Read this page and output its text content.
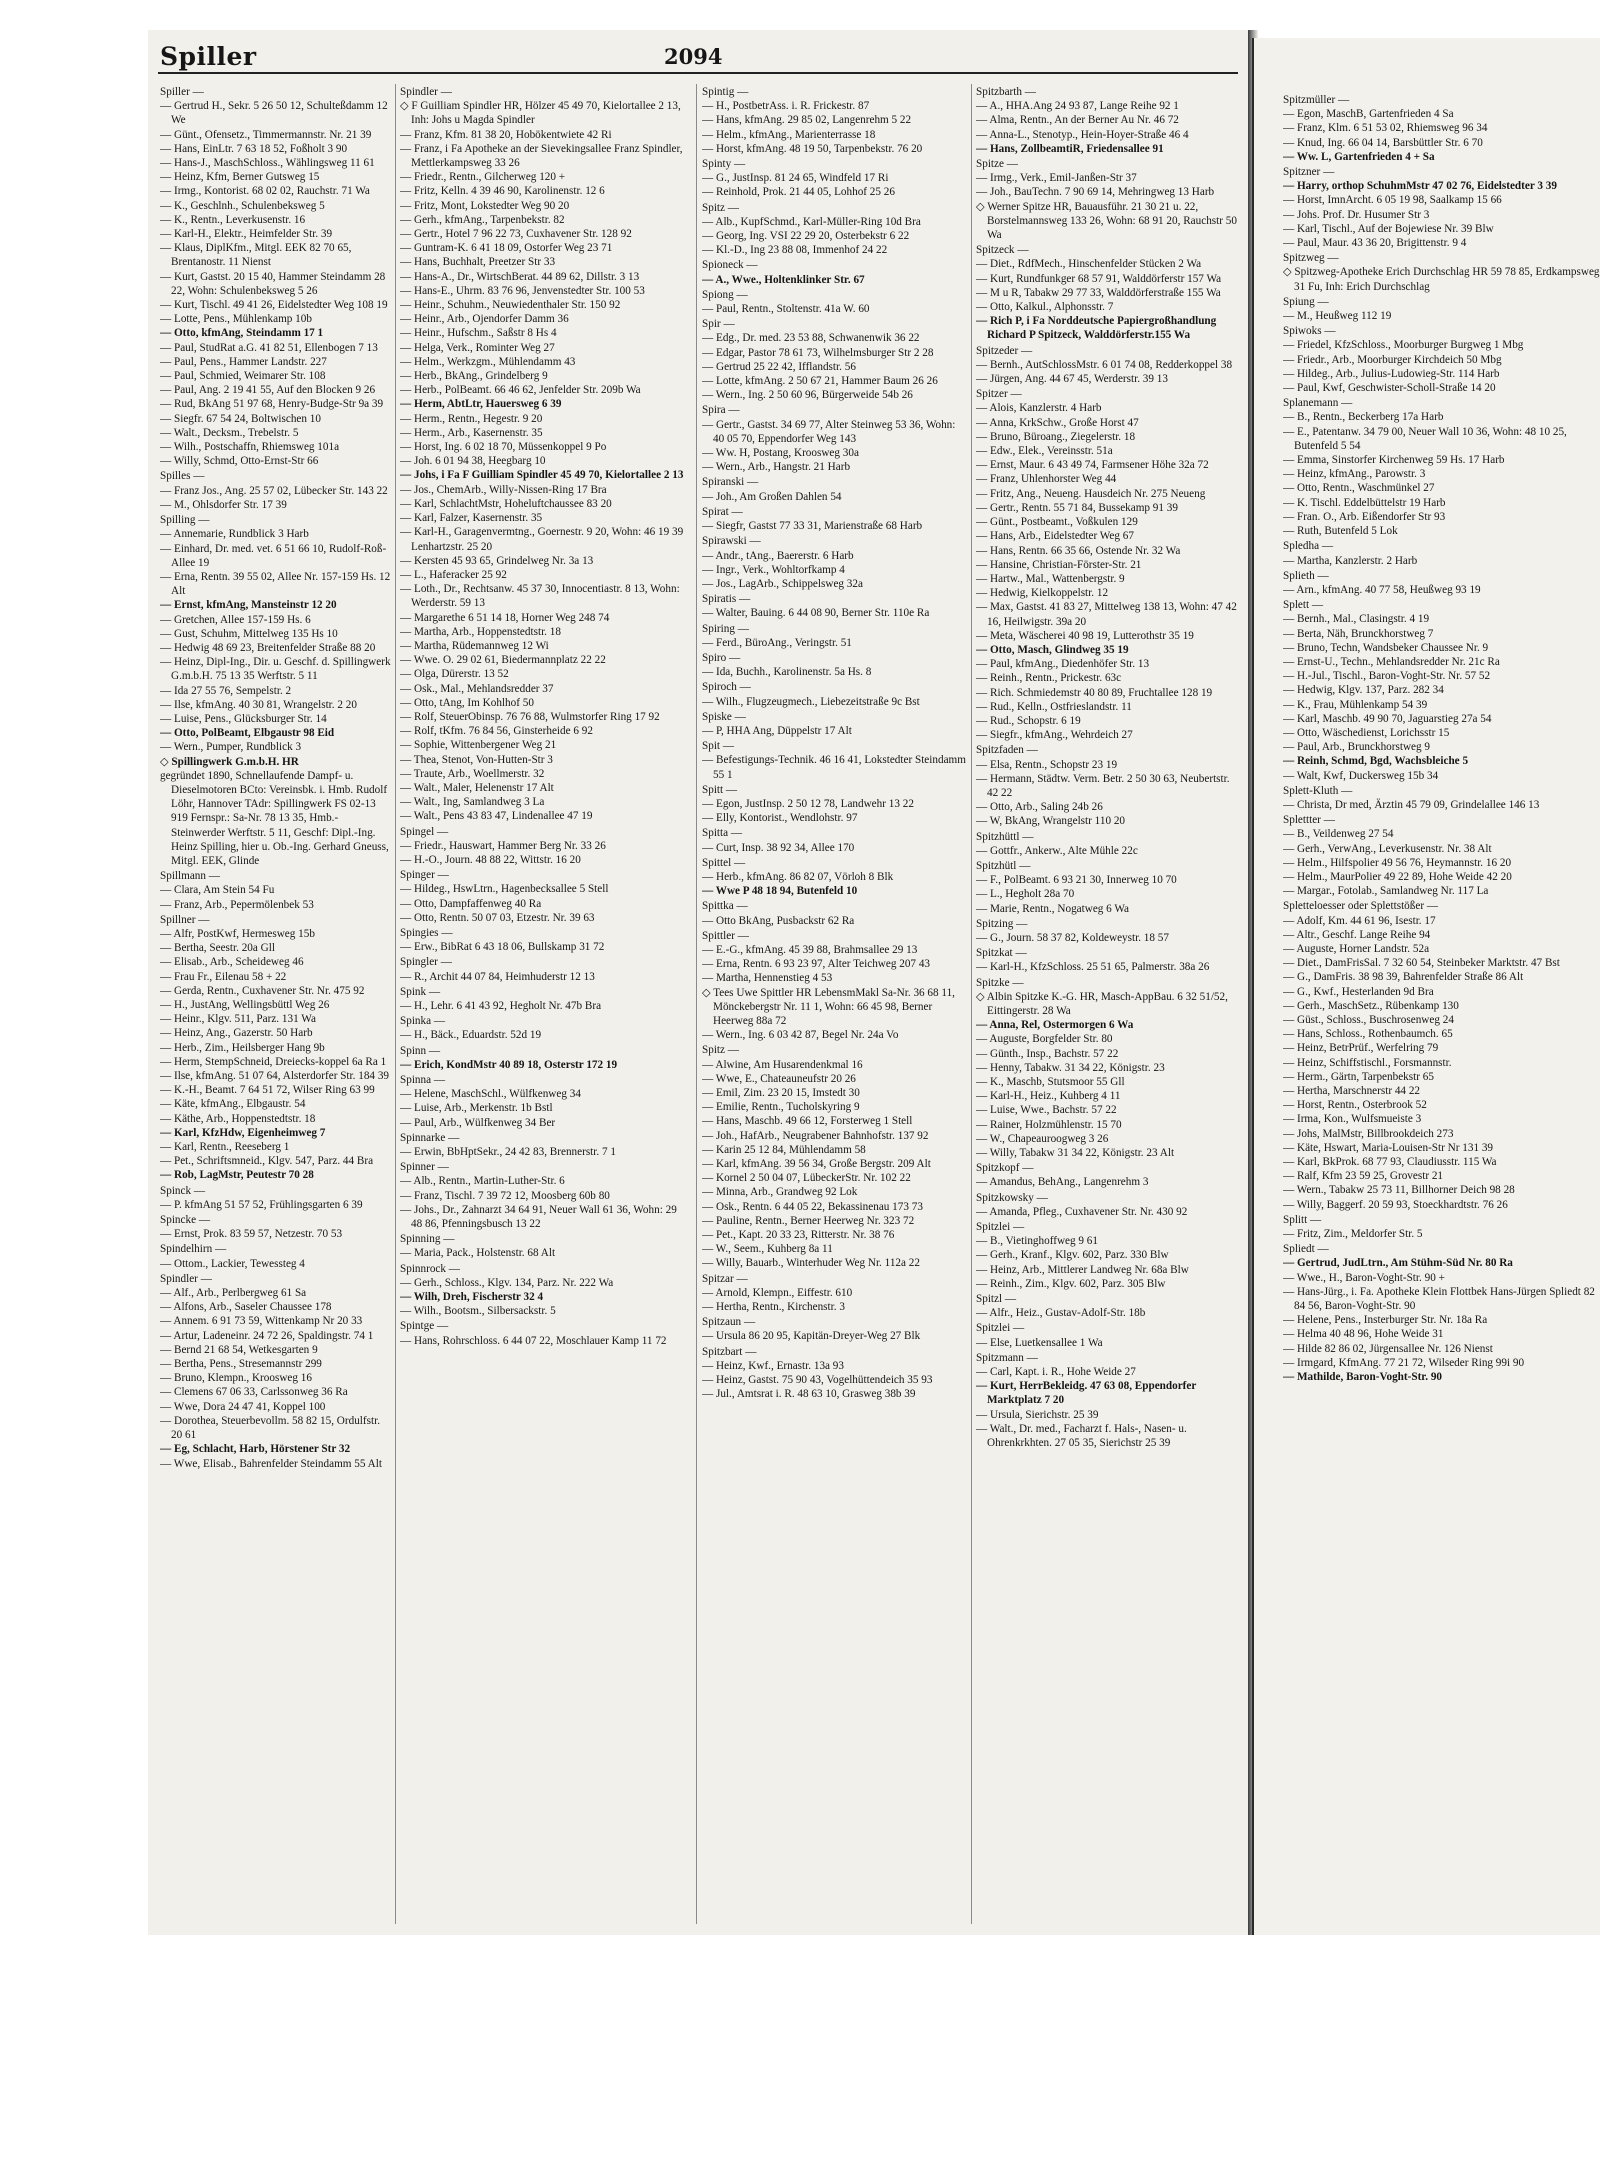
Spiller	2094

Spiller —

— Gertrud H., Sekr. 5 26 50 12, Schulteßdamm 12 We

— Günt., Ofensetz., Timmermannstr. Nr. 21 39

— Hans, EinLtr. 7 63 18 52, Foßholt 3 90

— Hans-J., MaschSchloss., Wählingsweg 11 61

— Heinz, Kfm, Berner Gutsweg 15

— Irmg., Kontorist. 68 02 02, Rauchstr. 71 Wa

— K., Geschlnh., Schulenbeksweg 5

— K., Rentn., Leverkusenstr. 16

— Karl-H., Elektr., Heimfelder Str. 39

— Klaus, DiplKfm., Mitgl. EEK 82 70 65, Brentanostr. 11 Nienst

— Kurt, Gastst. 20 15 40, Hammer Steindamm 28 22, Wohn: Schulenbeksweg 5 26

— Kurt, Tischl. 49 41 26, Eidelstedter Weg 108 19

— Lotte, Pens., Mühlenkamp 10b

— Otto, kfmAng, Steindamm 17 1

— Paul, StudRat a.G. 41 82 51, Ellenbogen 7 13

— Paul, Pens., Hammer Landstr. 227

— Paul, Schmied, Weimarer Str. 108

— Paul, Ang. 2 19 41 55, Auf den Blocken 9 26

— Rud, BkAng 51 97 68, Henry-Budge-Str 9a 39

— Siegfr. 67 54 24, Boltwischen 10

— Walt., Decksm., Trebelstr. 5

— Wilh., Postschaffn, Rhiemsweg 101a

— Willy, Schmd, Otto-Ernst-Str 66

Spilles —

— Franz Jos., Ang. 25 57 02, Lübecker Str. 143 22

— M., Ohlsdorfer Str. 17 39

Spilling —

— Annemarie, Rundblick 3 Harb

— Einhard, Dr. med. vet. 6 51 66 10, Rudolf-Roß-Allee 19

— Erna, Rentn. 39 55 02, Allee Nr. 157-159 Hs. 12 Alt

— Ernst, kfmAng, Mansteinstr 12 20

— Gretchen, Allee 157-159 Hs. 6

— Gust, Schuhm, Mittelweg 135 Hs 10

— Hedwig 48 69 23, Breitenfelder Straße 88 20

— Heinz, Dipl-Ing., Dir. u. Geschf. d. Spillingwerk G.m.b.H. 75 13 35 Werftstr. 5 11

— Ida 27 55 76, Sempelstr. 2

— Ilse, kfmAng. 40 30 81, Wrangelstr. 2 20

— Luise, Pens., Glücksburger Str. 14

— Otto, PolBeamt, Elbgaustr 98 Eid

— Wern., Pumper, Rundblick 3

◇ Spillingwerk G.m.b.H. HR

gegründet 1890, Schnellaufende Dampf- u. Dieselmotoren BCto: Vereinsbk. i. Hmb. Rudolf Löhr, Hannover TAdr: Spillingwerk FS 02-13 919 Fernspr.: Sa-Nr. 78 13 35, Hmb.-Steinwerder Werftstr. 5 11, Geschf: Dipl.-Ing. Heinz Spilling, hier u. Ob.-Ing. Gerhard Gneuss, Mitgl. EEK, Glinde

Spillmann —

— Clara, Am Stein 54 Fu

— Franz, Arb., Pepermölenbek 53

Spillner —

— Alfr, PostKwf, Hermesweg 15b

— Bertha, Seestr. 20a Gll

— Elisab., Arb., Scheideweg 46

— Frau Fr., Eilenau 58 + 22

— Gerda, Rentn., Cuxhavener Str. Nr. 475 92

— H., JustAng, Wellingsbüttl Weg 26

— Heinr., Klgv. 511, Parz. 131 Wa

— Heinz, Ang., Gazerstr. 50 Harb

— Herb., Zim., Heilsberger Hang 9b

— Herm, StempSchneid, Dreiecks-koppel 6a Ra 1

— Ilse, kfmAng. 51 07 64, Alsterdorfer Str. 184 39

— K.-H., Beamt. 7 64 51 72, Wilser Ring 63 99

— Käte, kfmAng., Elbgaustr. 54

— Käthe, Arb., Hoppenstedtstr. 18

— Karl, KfzHdw, Eigenheimweg 7

— Karl, Rentn., Reeseberg 1

— Pet., Schriftsmneid., Klgv. 547, Parz. 44 Bra

— Rob, LagMstr, Peutestr 70 28

Spinck —

— P. kfmAng 51 57 52, Frühlingsgarten 6 39

Spincke —

— Ernst, Prok. 83 59 57, Netzestr. 70 53

Spindelhirn —

— Ottom., Lackier, Tewessteg 4

Spindler —

— Alf., Arb., Perlbergweg 61 Sa

— Alfons, Arb., Saseler Chaussee 178

— Annem. 6 91 73 59, Wittenkamp Nr 20 33

— Artur, Ladeneinr. 24 72 26, Spaldingstr. 74 1

— Bernd 21 68 54, Wetkesgarten 9

— Bertha, Pens., Stresemannstr 299

— Bruno, Klempn., Kroosweg 16

— Clemens 67 06 33, Carlssonweg 36 Ra

— Wwe, Dora 24 47 41, Koppel 100

— Dorothea, Steuerbevollm. 58 82 15, Ordulfstr. 20 61

— Eg, Schlacht, Harb, Hörstener Str 32

— Wwe, Elisab., Bahrenfelder Steindamm 55 Alt

Spindler —

◇ F Guilliam Spindler HR, Hölzer 45 49 70, Kielortallee 2 13, Inh: Johs u Magda Spindler

— Franz, Kfm. 81 38 20, Hobökentwiete 42 Ri

— Franz, i Fa Apotheke an der Sievekingsallee Franz Spindler, Mettlerkampsweg 33 26

— Friedr., Rentn., Gilcherweg 120 +

— Fritz, Kelln. 4 39 46 90, Karolinenstr. 12 6

— Fritz, Mont, Lokstedter Weg 90 20

— Gerh., kfmAng., Tarpenbekstr. 82

— Gertr., Hotel 7 96 22 73, Cuxhavener Str. 128 92

— Guntram-K. 6 41 18 09, Ostorfer Weg 23 71

— Hans, Buchhalt, Preetzer Str 33

— Hans-A., Dr., WirtschBerat. 44 89 62, Dillstr. 3 13

— Hans-E., Uhrm. 83 76 96, Jenvenstedter Str. 100 53

— Heinr., Schuhm., Neuwiedenthaler Str. 150 92

— Heinr., Arb., Ojendorfer Damm 36

— Heinr., Hufschm., Saßstr 8 Hs 4

— Helga, Verk., Rominter Weg 27

— Helm., Werkzgm., Mühlendamm 43

— Herb., BkAng., Grindelberg 9

— Herb., PolBeamt. 66 46 62, Jenfelder Str. 209b Wa

— Herm, AbtLtr, Hauersweg 6 39

— Herm., Rentn., Hegestr. 9 20

— Herm., Arb., Kasernenstr. 35

— Horst, Ing. 6 02 18 70, Müssenkoppel 9 Po

— Joh. 6 01 94 38, Heegbarg 10

— Johs, i Fa F Guilliam Spindler 45 49 70, Kielortallee 2 13

— Jos., ChemArb., Willy-Nissen-Ring 17 Bra

— Karl, SchlachtMstr, Hoheluftchaussee 83 20

— Karl, Falzer, Kasernenstr. 35

— Karl-H., Garagenvermtng., Goernestr. 9 20, Wohn: 46 19 39 Lenhartzstr. 25 20

— Kersten 45 93 65, Grindelweg Nr. 3a 13

— L., Haferacker 25 92

— Loth., Dr., Rechtsanw. 45 37 30, Innocentiastr. 8 13, Wohn: Werderstr. 59 13

— Margarethe 6 51 14 18, Horner Weg 248 74

— Martha, Arb., Hoppenstedtstr. 18

— Martha, Rüdemannweg 12 Wi

— Wwe. O. 29 02 61, Biedermannplatz 22 22

— Olga, Dürerstr. 13 52

— Osk., Mal., Mehlandsredder 37

— Otto, tAng, Im Kohlhof 50

— Rolf, SteuerObinsp. 76 76 88, Wulmstorfer Ring 17 92

— Rolf, tKfm. 76 84 56, Ginsterheide 6 92

— Sophie, Wittenbergener Weg 21

— Thea, Stenot, Von-Hutten-Str 3

— Traute, Arb., Woellmerstr. 32

— Walt., Maler, Helenenstr 17 Alt

— Walt., Ing, Samlandweg 3 La

— Walt., Pens 43 83 47, Lindenallee 47 19

Spingel —

— Friedr., Hauswart, Hammer Berg Nr. 33 26

— H.-O., Journ. 48 88 22, Wittstr. 16 20

Spinger —

— Hildeg., HswLtrn., Hagenbecksallee 5 Stell

— Otto, Dampfaffenweg 40 Ra

— Otto, Rentn. 50 07 03, Etzestr. Nr. 39 63

Spingies —

— Erw., BibRat 6 43 18 06, Bullskamp 31 72

Spingler —

— R., Archit 44 07 84, Heimhuderstr 12 13

Spink —

— H., Lehr. 6 41 43 92, Hegholt Nr. 47b Bra

Spinka —

— H., Bäck., Eduardstr. 52d 19

Spinn —

— Erich, KondMstr 40 89 18, Osterstr 172 19

Spinna —

— Helene, MaschSchl., Wülfkenweg 34

— Luise, Arb., Merkenstr. 1b Bstl

— Paul, Arb., Wülfkenweg 34 Ber

Spinnarke —

— Erwin, BbHptSekr., 24 42 83, Brennerstr. 7 1

Spinner —

— Alb., Rentn., Martin-Luther-Str. 6

— Franz, Tischl. 7 39 72 12, Moosberg 60b 80

— Johs., Dr., Zahnarzt 34 64 91, Neuer Wall 61 36, Wohn: 29 48 86, Pfenningsbusch 13 22

Spinning —

— Maria, Pack., Holstenstr. 68 Alt

Spinnrock —

— Gerh., Schloss., Klgv. 134, Parz. Nr. 222 Wa

— Wilh, Dreh, Fischerstr 32 4

— Wilh., Bootsm., Silbersackstr. 5

Spintge —

— Hans, Rohrschloss. 6 44 07 22, Moschlauer Kamp 11 72

Spintig —

— H., PostbetrAss. i. R. Frickestr. 87

— Hans, kfmAng. 29 85 02, Langenrehm 5 22

— Helm., kfmAng., Marienterrasse 18

— Horst, kfmAng. 48 19 50, Tarpenbekstr. 76 20

Spinty —

— G., JustInsp. 81 24 65, Windfeld 17 Ri

— Reinhold, Prok. 21 44 05, Lohhof 25 26

Spitz —

— Alb., KupfSchmd., Karl-Müller-Ring 10d Bra

— Georg, Ing. VSI 22 29 20, Osterbekstr 6 22

— Kl.-D., Ing 23 88 08, Immenhof 24 22

Spioneck —

— A., Wwe., Holtenklinker Str. 67

Spiong —

— Paul, Rentn., Stoltenstr. 41a W. 60

Spir —

— Edg., Dr. med. 23 53 88, Schwanenwik 36 22

— Edgar, Pastor 78 61 73, Wilhelmsburger Str 2 28

— Gertrud 25 22 42, Ifflandstr. 56

— Lotte, kfmAng. 2 50 67 21, Hammer Baum 26 26

— Wern., Ing. 2 50 60 96, Bürgerweide 54b 26

Spira —

— Gertr., Gastst. 34 69 77, Alter Steinweg 53 36, Wohn: 40 05 70, Eppendorfer Weg 143

— Ww. H, Postang, Kroosweg 30a

— Wern., Arb., Hangstr. 21 Harb

Spiranski —

— Joh., Am Großen Dahlen 54

Spirat —

— Siegfr, Gastst 77 33 31, Marienstraße 68 Harb

Spirawski —

— Andr., tAng., Baererstr. 6 Harb

— Ingr., Verk., Wohltorfkamp 4

— Jos., LagArb., Schippelsweg 32a

Spiratis —

— Walter, Bauing. 6 44 08 90, Berner Str. 110e Ra

Spiring —

— Ferd., BüroAng., Veringstr. 51

Spiro —

— Ida, Buchh., Karolinenstr. 5a Hs. 8

Spiroch —

— Wilh., Flugzeugmech., Liebezeitstraße 9c Bst

Spiske —

— P, HHA Ang, Düppelstr 17 Alt

Spit —

— Befestigungs-Technik. 46 16 41, Lokstedter Steindamm 55 1

Spitt —

— Egon, JustInsp. 2 50 12 78, Landwehr 13 22

— Elly, Kontorist., Wendlohstr. 97

Spitta —

— Curt, Insp. 38 92 34, Allee 170

Spittel —

— Herb., kfmAng. 86 82 07, Vörloh 8 Blk

— Wwe P 48 18 94, Butenfeld 10

Spittka —

— Otto BkAng, Pusbackstr 62 Ra

Spittler —

— E.-G., kfmAng. 45 39 88, Brahmsallee 29 13

— Erna, Rentn. 6 93 23 97, Alter Teichweg 207 43

— Martha, Hennenstieg 4 53

◇ Tees Uwe Spittler HR LebensmMakl Sa-Nr. 36 68 11, Mönckebergstr Nr. 11 1, Wohn: 66 45 98, Berner Heerweg 88a 72

— Wern., Ing. 6 03 42 87, Begel Nr. 24a Vo

Spitz —

— Alwine, Am Husarendenkmal 16

— Wwe, E., Chateauneufstr 20 26

— Emil, Zim. 23 20 15, Imstedt 30

— Emilie, Rentn., Tucholskyring 9

— Hans, Maschb. 49 66 12, Forsterweg 1 Stell

— Joh., HafArb., Neugrabener Bahnhofstr. 137 92

— Karin 25 12 84, Mühlendamm 58

— Karl, kfmAng. 39 56 34, Große Bergstr. 209 Alt

— Kornel 2 50 04 07, LübeckerStr. Nr. 102 22

— Minna, Arb., Grandweg 92 Lok

— Osk., Rentn. 6 44 05 22, Bekassinenau 173 73

— Pauline, Rentn., Berner Heerweg Nr. 323 72

— Pet., Kapt. 20 33 23, Ritterstr. Nr. 38 76

— W., Seem., Kuhberg 8a 11

— Willy, Bauarb., Winterhuder Weg Nr. 112a 22

Spitzar —

— Arnold, Klempn., Eiffestr. 610

— Hertha, Rentn., Kirchenstr. 3

Spitzaun —

— Ursula 86 20 95, Kapitän-Dreyer-Weg 27 Blk

Spitzbart —

— Heinz, Kwf., Ernastr. 13a 93

— Heinz, Gastst. 75 90 43, Vogelhüttendeich 35 93

— Jul., Amtsrat i. R. 48 63 10, Grasweg 38b 39

Spitzbarth —

— A., HHA.Ang 24 93 87, Lange Reihe 92 1

— Alma, Rentn., An der Berner Au Nr. 46 72

— Anna-L., Stenotyp., Hein-Hoyer-Straße 46 4

— Hans, ZollbeamtiR, Friedensallee 91

Spitze —

— Irmg., Verk., Emil-Janßen-Str 37

— Joh., BauTechn. 7 90 69 14, Mehringweg 13 Harb

◇ Werner Spitze HR, Bauausführ. 21 30 21 u. 22, Borstelmannsweg 133 26, Wohn: 68 91 20, Rauchstr 50 Wa

Spitzeck —

— Diet., RdfMech., Hinschenfelder Stücken 2 Wa

— Kurt, Rundfunkger 68 57 91, Walddörferstr 157 Wa

— M u R, Tabakw 29 77 33, Walddörferstraße 155 Wa

— Otto, Kalkul., Alphonsstr. 7

— Rich P, i Fa Norddeutsche Papiergroßhandlung Richard P Spitzeck, Walddörferstr.155 Wa

Spitzeder —

— Bernh., AutSchlossMstr. 6 01 74 08, Redderkoppel 38

— Jürgen, Ang. 44 67 45, Werderstr. 39 13

Spitzer —

— Alois, Kanzlerstr. 4 Harb

— Anna, KrkSchw., Große Horst 47

— Bruno, Büroang., Ziegelerstr. 18

— Edw., Elek., Vereinsstr. 51a

— Ernst, Maur. 6 43 49 74, Farmsener Höhe 32a 72

— Franz, Uhlenhorster Weg 44

— Fritz, Ang., Neueng. Hausdeich Nr. 275 Neueng

— Gertr., Rentn. 55 71 84, Bussekamp 91 39

— Günt., Postbeamt., Voßkulen 129

— Hans, Arb., Eidelstedter Weg 67

— Hans, Rentn. 66 35 66, Ostende Nr. 32 Wa

— Hansine, Christian-Förster-Str. 21

— Hartw., Mal., Wattenbergstr. 9

— Hedwig, Kielkoppelstr. 12

— Max, Gastst. 41 83 27, Mittelweg 138 13, Wohn: 47 42 16, Heilwigstr. 39a 20

— Meta, Wäscherei 40 98 19, Lutterothstr 35 19

— Otto, Masch, Glindweg 35 19

— Paul, kfmAng., Diedenhöfer Str. 13

— Reinh., Rentn., Prickestr. 63c

— Rich. Schmiedemstr 40 80 89, Fruchtallee 128 19

— Rud., Kelln., Ostfrieslandstr. 11

— Rud., Schopstr. 6 19

— Siegfr., kfmAng., Wehrdeich 27

Spitzfaden —

— Elsa, Rentn., Schopstr 23 19

— Hermann, Städtw. Verm. Betr. 2 50 30 63, Neubertstr. 42 22

— Otto, Arb., Saling 24b 26

— W, BkAng, Wrangelstr 110 20

Spitzhüttl —

— Gottfr., Ankerw., Alte Mühle 22c

Spitzhütl —

— F., PolBeamt. 6 93 21 30, Innerweg 10 70

— L., Hegholt 28a 70

— Marie, Rentn., Nogatweg 6 Wa

Spitzing —

— G., Journ. 58 37 82, Koldeweystr. 18 57

Spitzkat —

— Karl-H., KfzSchloss. 25 51 65, Palmerstr. 38a 26

Spitzke —

◇ Albin Spitzke K.-G. HR, Masch-AppBau. 6 32 51/52, Eittingerstr. 28 Wa

— Anna, Rel, Ostermorgen 6 Wa

— Auguste, Borgfelder Str. 80

— Günth., Insp., Bachstr. 57 22

— Henny, Tabakw. 31 34 22, Königstr. 23

— K., Maschb, Stutsmoor 55 Gll

— Karl-H., Heiz., Kuhberg 4 11

— Luise, Wwe., Bachstr. 57 22

— Rainer, Holzmühlenstr. 15 70

— W., Chapeauroogweg 3 26

— Willy, Tabakw 31 34 22, Königstr. 23 Alt

Spitzkopf —

— Amandus, BehAng., Langenrehm 3

Spitzkowsky —

— Amanda, Pfleg., Cuxhavener Str. Nr. 430 92

Spitzlei —

— B., Vietinghoffweg 9 61

— Gerh., Kranf., Klgv. 602, Parz. 330 Blw

— Heinz, Arb., Mittlerer Landweg Nr. 68a Blw

— Reinh., Zim., Klgv. 602, Parz. 305 Blw

Spitzl —

— Alfr., Heiz., Gustav-Adolf-Str. 18b

Spitzlei —

— Else, Luetkensallee 1 Wa

Spitzmann —

— Carl, Kapt. i. R., Hohe Weide 27

— Kurt, HerrBekleidg. 47 63 08, Eppendorfer Marktplatz 7 20

— Ursula, Sierichstr. 25 39

— Walt., Dr. med., Facharzt f. Hals-, Nasen- u. Ohrenkrkhten. 27 05 35, Sierichstr 25 39

Spitzmüller —

— Egon, MaschB, Gartenfrieden 4 Sa

— Franz, Klm. 6 51 53 02, Rhiemsweg 96 34

— Knud, Ing. 66 04 14, Barsbüttler Str. 6 70

— Ww. L, Gartenfrieden 4 + Sa

Spitzner —

— Harry, orthop SchuhmMstr 47 02 76, Eidelstedter 3 39

— Horst, ImnArcht. 6 05 19 98, Saalkamp 15 66

— Johs. Prof. Dr. Husumer Str 3

— Karl, Tischl., Auf der Bojewiese Nr. 39 Blw

— Paul, Maur. 43 36 20, Brigittenstr. 9 4

Spitzweg —

◇ Spitzweg-Apotheke Erich Durchschlag HR 59 78 85, Erdkampsweg 31 Fu, Inh: Erich Durchschlag

Spiung —

— M., Heußweg 112 19

Spiwoks —

— Friedel, KfzSchloss., Moorburger Burgweg 1 Mbg

— Friedr., Arb., Moorburger Kirchdeich 50 Mbg

— Hildeg., Arb., Julius-Ludowieg-Str. 114 Harb

— Paul, Kwf, Geschwister-Scholl-Straße 14 20

Splanemann —

— B., Rentn., Beckerberg 17a Harb

— E., Patentanw. 34 79 00, Neuer Wall 10 36, Wohn: 48 10 25, Butenfeld 5 54

— Emma, Sinstorfer Kirchenweg 59 Hs. 17 Harb

— Heinz, kfmAng., Parowstr. 3

— Otto, Rentn., Waschmünkel 27

— K. Tischl. Eddelbüttelstr 19 Harb

— Fran. O., Arb. Eißendorfer Str 93

— Ruth, Butenfeld 5 Lok

Spledha —

— Martha, Kanzlerstr. 2 Harb

Splieth —

— Arn., kfmAng. 40 77 58, Heußweg 93 19

Splett —

— Bernh., Mal., Clasingstr. 4 19

— Berta, Näh, Brunckhorstweg 7

— Bruno, Techn, Wandsbeker Chaussee Nr. 9

— Ernst-U., Techn., Mehlandsredder Nr. 21c Ra

— H.-Jul., Tischl., Baron-Voght-Str. Nr. 57 52

— Hedwig, Klgv. 137, Parz. 282 34

— K., Frau, Mühlenkamp 54 39

— Karl, Maschb. 49 90 70, Jaguarstieg 27a 54

— Otto, Wäschedienst, Lorichsstr 15

— Paul, Arb., Brunckhorstweg 9

— Reinh, Schmd, Bgd, Wachsbleiche 5

— Walt, Kwf, Duckersweg 15b 34

Splett-Kluth —

— Christa, Dr med, Ärztin 45 79 09, Grindelallee 146 13

Splettter —

— B., Veildenweg 27 54

— Gerh., VerwAng., Leverkusenstr. Nr. 38 Alt

— Helm., Hilfspolier 49 56 76, Heymannstr. 16 20

— Helm., MaurPolier 49 22 89, Hohe Weide 42 20

— Margar., Fotolab., Samlandweg Nr. 117 La

Spletteloesser oder Splettstößer —

— Adolf, Km. 44 61 96, Isestr. 17

— Altr., Geschf. Lange Reihe 94

— Auguste, Horner Landstr. 52a

— Diet., DamFrisSal. 7 32 60 54, Steinbeker Marktstr. 47 Bst

— G., DamFris. 38 98 39, Bahrenfelder Straße 86 Alt

— G., Kwf., Hesterlanden 9d Bra

— Gerh., MaschSetz., Rübenkamp 130

— Güst., Schloss., Buschrosenweg 24

— Hans, Schloss., Rothenbaumch. 65

— Heinz, BetrPrüf., Werfelring 79

— Heinz, Schiffstischl., Forsmannstr.

— Herm., Gärtn, Tarpenbekstr 65

— Hertha, Marschnerstr 44 22

— Horst, Rentn., Osterbrook 52

— Irma, Kon., Wulfsmueiste 3

— Johs, MalMstr, Billbrookdeich 273

— Käte, Hswart, Maria-Louisen-Str Nr 131 39

— Karl, BkProk. 68 77 93, Claudiusstr. 115 Wa

— Ralf, Kfm 23 59 25, Grovestr 21

— Wern., Tabakw 25 73 11, Billhorner Deich 98 28

— Willy, Baggerf. 20 59 93, Stoeckhardtstr. 76 26

Splitt —

— Fritz, Zim., Meldorfer Str. 5

Spliedt —

— Gertrud, JudLtrn., Am Stühm-Süd Nr. 80 Ra

— Wwe., H., Baron-Voght-Str. 90 +

— Hans-Jürg., i. Fa. Apotheke Klein Flottbek Hans-Jürgen Spliedt 82 84 56, Baron-Voght-Str. 90

— Helene, Pens., Insterburger Str. Nr. 18a Ra

— Helma 40 48 96, Hohe Weide 31

— Hilde 82 86 02, Jürgensallee Nr. 126 Nienst

— Irmgard, KfmAng. 77 21 72, Wilseder Ring 99i 90

— Mathilde, Baron-Voght-Str. 90
